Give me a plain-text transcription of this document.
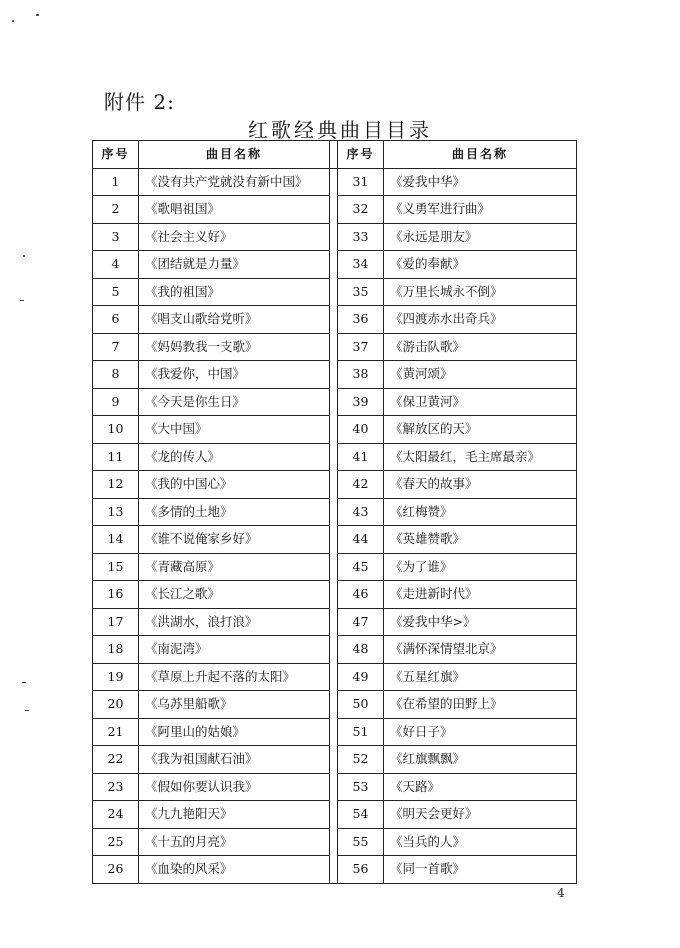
附件 2:
红歌经典曲目目录
序号	曲目名称		序号	曲目名称
1	《没有共产党就没有新中国》		31	《爱我中华》
2	《歌唱祖国》		32	《义勇军进行曲》
3	《社会主义好》		33	《永远是朋友》
4	《团结就是力量》		34	《爱的奉献》
5	《我的祖国》		35	《万里长城永不倒》
6	《唱支山歌给党听》		36	《四渡赤水出奇兵》
7	《妈妈教我一支歌》		37	《游击队歌》
8	《我爱你，中国》		38	《黄河颂》
9	《今天是你生日》		39	《保卫黄河》
10	《大中国》		40	《解放区的天》
11	《龙的传人》		41	《太阳最红，毛主席最亲》
12	《我的中国心》		42	《春天的故事》
13	《多情的土地》		43	《红梅赞》
14	《谁不说俺家乡好》		44	《英雄赞歌》
15	《青藏高原》		45	《为了谁》
16	《长江之歌》		46	《走进新时代》
17	《洪湖水，浪打浪》		47	《爱我中华>》
18	《南泥湾》		48	《满怀深情望北京》
19	《草原上升起不落的太阳》		49	《五星红旗》
20	《乌苏里船歌》		50	《在希望的田野上》
21	《阿里山的姑娘》		51	《好日子》
22	《我为祖国献石油》		52	《红旗飘飘》
23	《假如你要认识我》		53	《天路》
24	《九九艳阳天》		54	《明天会更好》
25	《十五的月亮》		55	《当兵的人》
26	《血染的风采》		56	《同一首歌》
4
